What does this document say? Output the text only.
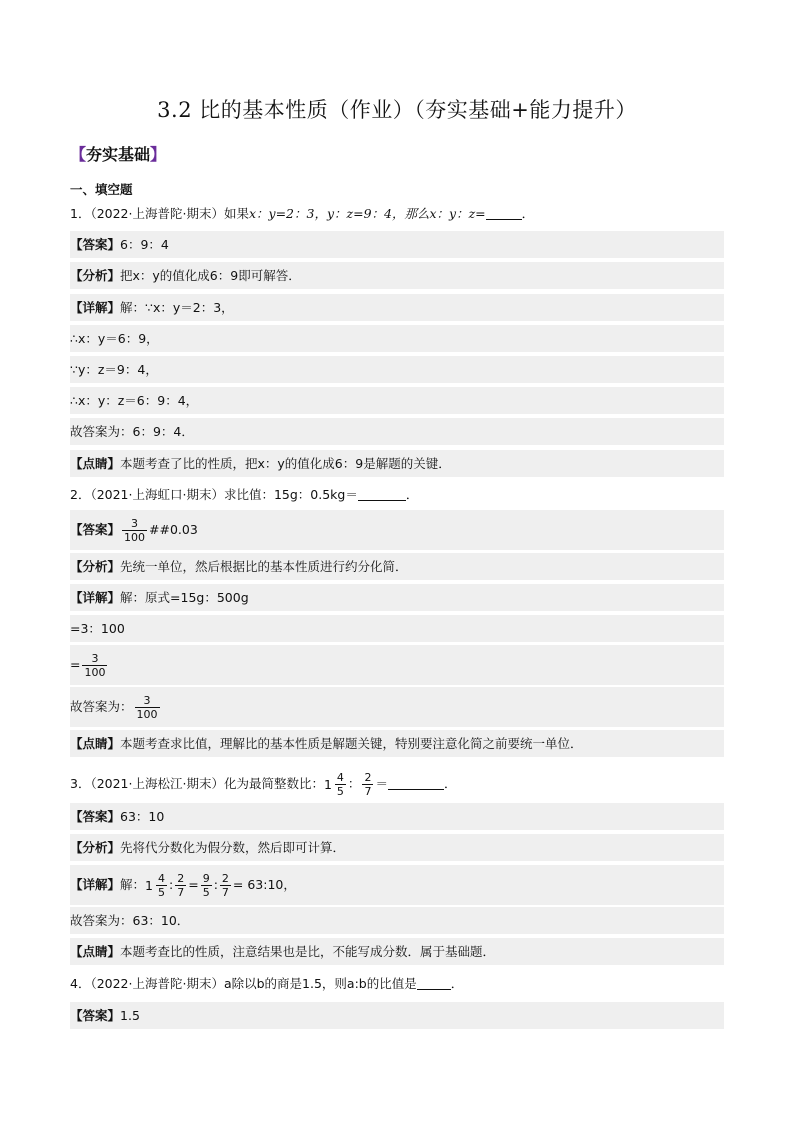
3.2 比的基本性质（作业）（夯实基础+能力提升）
【夯实基础】
一、填空题
1．（2022·上海普陀·期末）如果x：y=2：3，y：z=9：4，那么x：y：z=	．
【答案】6：9：4
【分析】把x：y的值化成6：9即可解答．
【详解】解：∵x：y＝2：3，
∴x：y＝6：9，
∵y：z＝9：4，
∴x：y：z＝6：9：4，
故答案为：6：9：4．
【点睛】本题考查了比的性质，把x：y的值化成6：9是解题的关键．
2．（2021·上海虹口·期末）求比值：15g：0.5kg＝	．
【答案】 $\frac{3}{100}$ ##0.03
【分析】先统一单位，然后根据比的基本性质进行约分化简．
【详解】解：原式=15g：500g
=3：100
= $\frac{3}{100}$
故答案为： $\frac{3}{100}$
【点睛】本题考查求比值，理解比的基本性质是解题关键，特别要注意化简之前要统一单位．
3．（2021·上海松江·期末）化为最简整数比： $1 \frac{4}{5}$ ： $\frac{2}{7}$ ＝	．
【答案】63：10
【分析】先将代分数化为假分数，然后即可计算．
【详解】解： $1 \frac{4}{5}$ : $\frac{2}{7} = \frac{9}{5}$ : $\frac{2}{7}$ = 63:10，
故答案为：63：10．
【点睛】本题考查比的性质，注意结果也是比，不能写成分数．属于基础题．
4．（2022·上海普陀·期末）a除以b的商是1.5，则a:b的比值是	．
【答案】1.5
